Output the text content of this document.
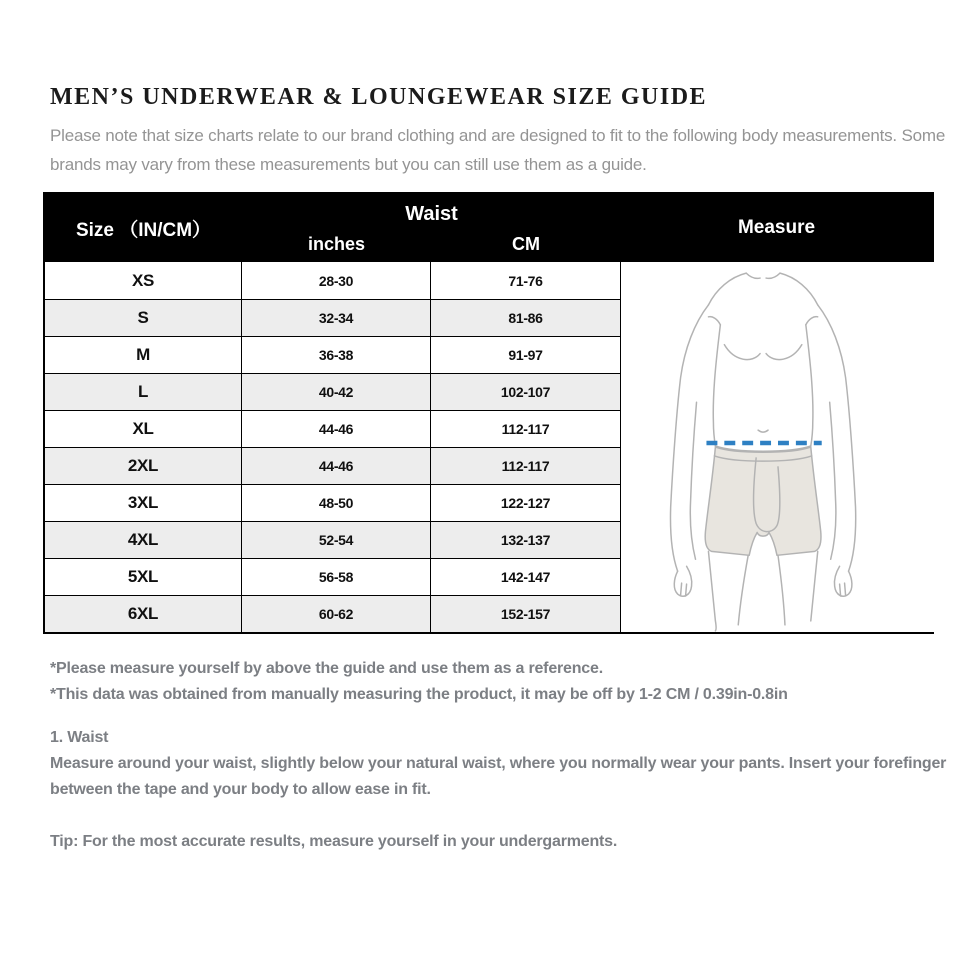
MEN’S UNDERWEAR & LOUNGEWEAR SIZE GUIDE

Please note that size charts relate to our brand clothing and are designed to fit to the following body measurements. Some
brands may vary from these measurements but you can still use them as a guide.

Size （IN/CM）
Waist
inches	CM
Measure
XS	28-30	71-76
S	32-34	81-86
M	36-38	91-97
L	40-42	102-107
XL	44-46	112-117
2XL	44-46	112-117
3XL	48-50	122-127
4XL	52-54	132-137
5XL	56-58	142-147
6XL	60-62	152-157
*Please measure yourself by above the guide and use them as a reference.
*This data was obtained from manually measuring the product, it may be off by 1-2 CM / 0.39in-0.8in
1. Waist
Measure around your waist, slightly below your natural waist, where you normally wear your pants. Insert your forefinger
between the tape and your body to allow ease in fit.
Tip: For the most accurate results, measure yourself in your undergarments.
